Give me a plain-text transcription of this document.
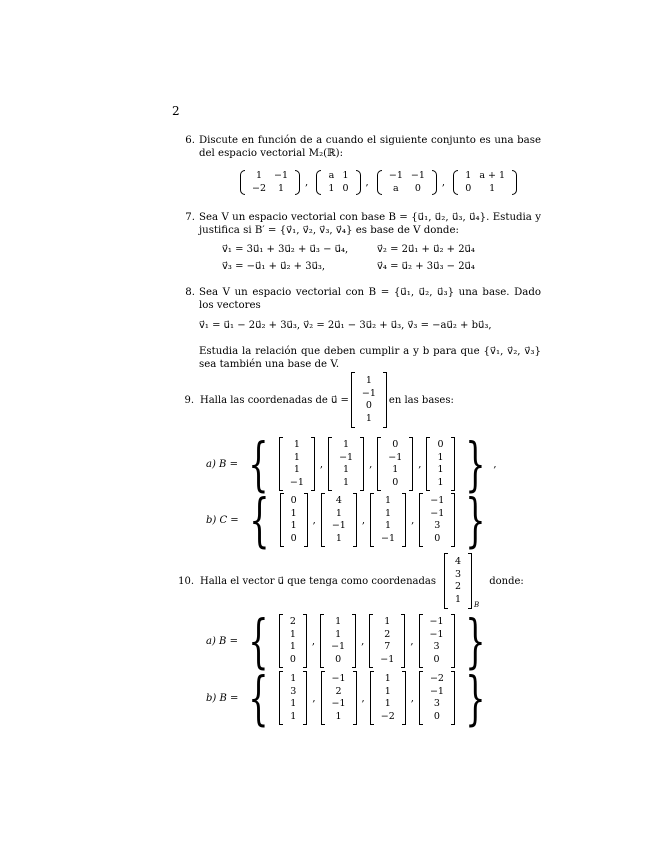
2
6. Discute en función de a cuando el siguiente conjunto es una base del espacio vectorial M₂(ℝ):
1	−1
−2	1 ,
a	1
1	0 ,
−1	−1
a	0 ,
1	a + 1
0	1
7. Sea V un espacio vectorial con base B = {u⃗₁, u⃗₂, u⃗₃, u⃗₄}. Estudia y justifica si B′ = {v⃗₁, v⃗₂, v⃗₃, v⃗₄} es base de V donde:
v⃗₁ = 3u⃗₁ + 3u⃗₂ + u⃗₃ − u⃗₄,	v⃗₂ = 2u⃗₁ + u⃗₂ + 2u⃗₄
v⃗₃ = −u⃗₁ + u⃗₂ + 3u⃗₃,	v⃗₄ = u⃗₂ + 3u⃗₃ − 2u⃗₄
8. Sea V un espacio vectorial con B = {u⃗₁, u⃗₂, u⃗₃} una base. Dado los vectores
v⃗₁ = u⃗₁ − 2u⃗₂ + 3u⃗₃, v⃗₂ = 2u⃗₁ − 3u⃗₂ + u⃗₃, v⃗₃ = −au⃗₂ + bu⃗₃,
Estudia la relación que deben cumplir a y b para que {v⃗₁, v⃗₂, v⃗₃} sea también una base de V.
9. Halla las coordenadas de u⃗ =
1
−1
0
1
en las bases:
a) B = {	1
1
1
−1
,
1
−1
1
1
,
0
−1
1
0
,
0
1
1
1 } ,
b) C = { 0
1
1
0
,
4
1
−1
1
,
1
1
1
−1
,
−1
−1
3
0 }
10. Halla el vector u⃗ que tenga como coordenadas
4
3
2
1
B
donde:
a) B = { 2
1
1
0
,
1
1
−1
0
,
1
2
7
−1
,
−1
−1
3
0 }
b) B = { 1
3
1
1
,
−1
2
−1
1
,
1
1
1
−2
,
−2
−1
3
0 }
